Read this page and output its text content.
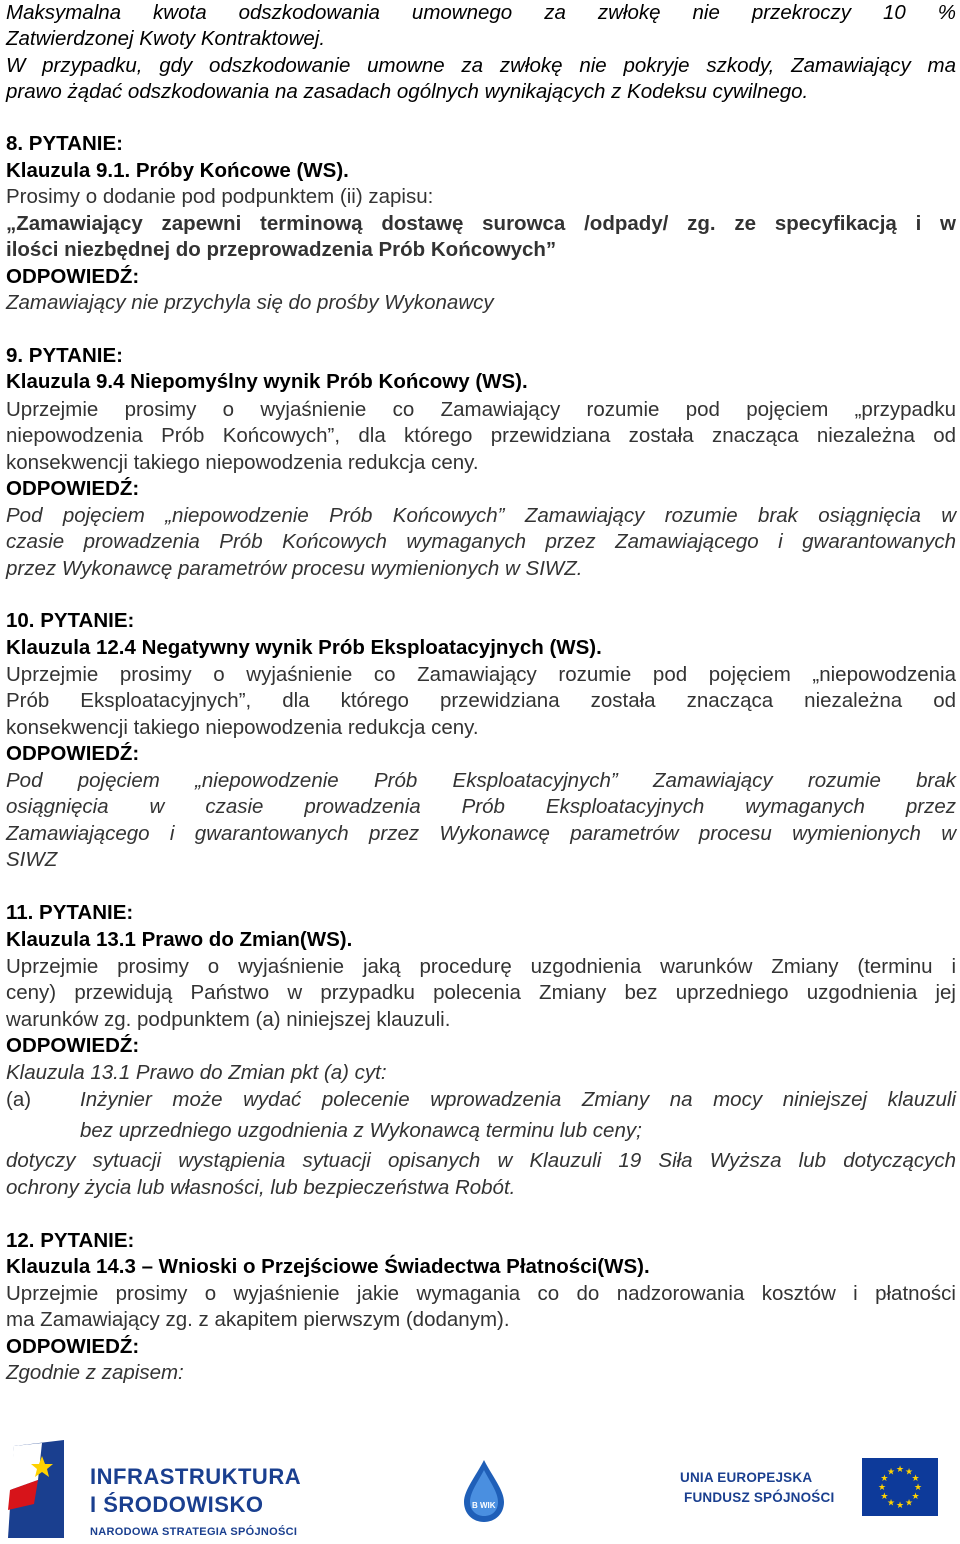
Maksymalna kwota odszkodowania umownego za zwłokę nie przekroczy 10 %
Zatwierdzonej Kwoty Kontraktowej.
W przypadku, gdy odszkodowanie umowne za zwłokę nie pokryje szkody, Zamawiający ma
prawo żądać odszkodowania na zasadach ogólnych wynikających z Kodeksu cywilnego.
8. PYTANIE:
Klauzula 9.1. Próby Końcowe (WS).
Prosimy o dodanie pod podpunktem (ii) zapisu:
„Zamawiający zapewni terminową dostawę surowca /odpady/ zg. ze specyfikacją i w
ilości niezbędnej do przeprowadzenia Prób Końcowych”
ODPOWIEDŹ:
Zamawiający nie przychyla się do prośby Wykonawcy
9. PYTANIE:
Klauzula 9.4 Niepomyślny wynik Prób Końcowy (WS).
Uprzejmie prosimy o wyjaśnienie co Zamawiający rozumie pod pojęciem „przypadku
niepowodzenia Prób Końcowych”, dla którego przewidziana została znacząca niezależna od
konsekwencji takiego niepowodzenia redukcja ceny.
ODPOWIEDŹ:
Pod pojęciem „niepowodzenie Prób Końcowych” Zamawiający rozumie brak osiągnięcia w
czasie prowadzenia Prób Końcowych wymaganych przez Zamawiającego i gwarantowanych
przez Wykonawcę parametrów procesu wymienionych w SIWZ.
10. PYTANIE:
Klauzula 12.4 Negatywny wynik Prób Eksploatacyjnych (WS).
Uprzejmie prosimy o wyjaśnienie co Zamawiający rozumie pod pojęciem „niepowodzenia
Prób Eksploatacyjnych”, dla którego przewidziana została znacząca niezależna od
konsekwencji takiego niepowodzenia redukcja ceny.
ODPOWIEDŹ:
Pod pojęciem „niepowodzenie Prób Eksploatacyjnych” Zamawiający rozumie brak
osiągnięcia w czasie prowadzenia Prób Eksploatacyjnych wymaganych przez
Zamawiającego i gwarantowanych przez Wykonawcę parametrów procesu wymienionych w
SIWZ
11. PYTANIE:
Klauzula 13.1 Prawo do Zmian(WS).
Uprzejmie prosimy o wyjaśnienie jaką procedurę uzgodnienia warunków Zmiany (terminu i
ceny) przewidują Państwo w przypadku polecenia Zmiany bez uprzedniego uzgodnienia jej
warunków zg. podpunktem (a) niniejszej klauzuli.
ODPOWIEDŹ:
Klauzula 13.1 Prawo do Zmian pkt (a) cyt:
Inżynier może wydać polecenie wprowadzenia Zmiany na mocy niniejszej klauzuli
(a)
bez uprzedniego uzgodnienia z Wykonawcą terminu lub ceny;
dotyczy sytuacji wystąpienia sytuacji opisanych w Klauzuli 19 Siła Wyższa lub dotyczących
ochrony życia lub własności, lub bezpieczeństwa Robót.
12. PYTANIE:
Klauzula 14.3 – Wnioski o Przejściowe Świadectwa Płatności(WS).
Uprzejmie prosimy o wyjaśnienie jakie wymagania co do nadzorowania kosztów i płatności
ma Zamawiający zg. z akapitem pierwszym (dodanym).
ODPOWIEDŹ:
Zgodnie z zapisem:
INFRASTRUKTURA
I ŚRODOWISKO
NARODOWA STRATEGIA SPÓJNOŚCI
B WIK
UNIA EUROPEJSKA
FUNDUSZ SPÓJNOŚCI
★
★
★
★
★
★
★
★
★ ★ ★
★
